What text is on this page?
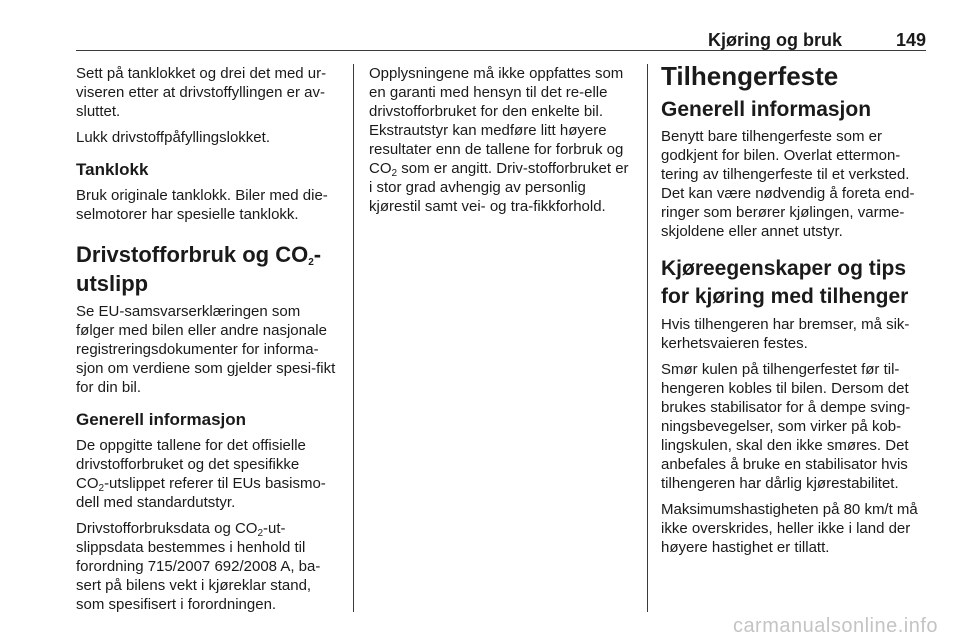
Kjøring og bruk	149

Sett på tanklokket og drei det med ur-viseren etter at drivstoffyllingen er av-sluttet.

Lukk drivstoffpåfyllingslokket.

Tanklokk

Bruk originale tanklokk. Biler med die-selmotorer har spesielle tanklokk.

Drivstofforbruk og $CO_2$-utslipp

Se EU-samsvarserklæringen som følger med bilen eller andre nasjonale registreringsdokumenter for informa-sjon om verdiene som gjelder spesi-fikt for din bil.

Generell informasjon

De oppgitte tallene for det offisielle drivstofforbruket og det spesifikke

$CO_2$-utslippet referer til EUs basismo-dell med standardutstyr.

Drivstofforbruksdata og $CO_2-ut$-slippsdata bestemmes i henhold til forordning 715/2007 692/2008 A, ba-sert på bilens vekt i kjøreklar stand, som spesifisert i forordningen.

Opplysningene må ikke oppfattes som en garanti med hensyn til det re-elle drivstofforbruket for den enkelte bil. Ekstrautstyr kan medføre litt høyere resultater enn de tallene for forbruk og $CO_2$ som er angitt. Driv-stofforbruket er i stor grad avhengig av personlig kjørestil samt vei- og tra-fikkforhold.

Tilhengerfeste
Generell informasjon

Benytt bare tilhengerfeste som er godkjent for bilen. Overlat ettermon-tering av tilhengerfeste til et verksted. Det kan være nødvendig å foreta end-ringer som berører kjølingen, varme-skjoldene eller annet utstyr.

Kjøreegenskaper og tips for kjøring med tilhenger

Hvis tilhengeren har bremser, må sik-kerhetsvaieren festes.

Smør kulen på tilhengerfestet før til-hengeren kobles til bilen. Dersom det brukes stabilisator for å dempe sving-ningsbevegelser, som virker på kob-lingskulen, skal den ikke smøres. Det anbefales å bruke en stabilisator hvis tilhengeren har dårlig kjørestabilitet.

Maksimumshastigheten på 80 km/t må ikke overskrides, heller ikke i land der høyere hastighet er tillatt.

carmanualsonline.info
